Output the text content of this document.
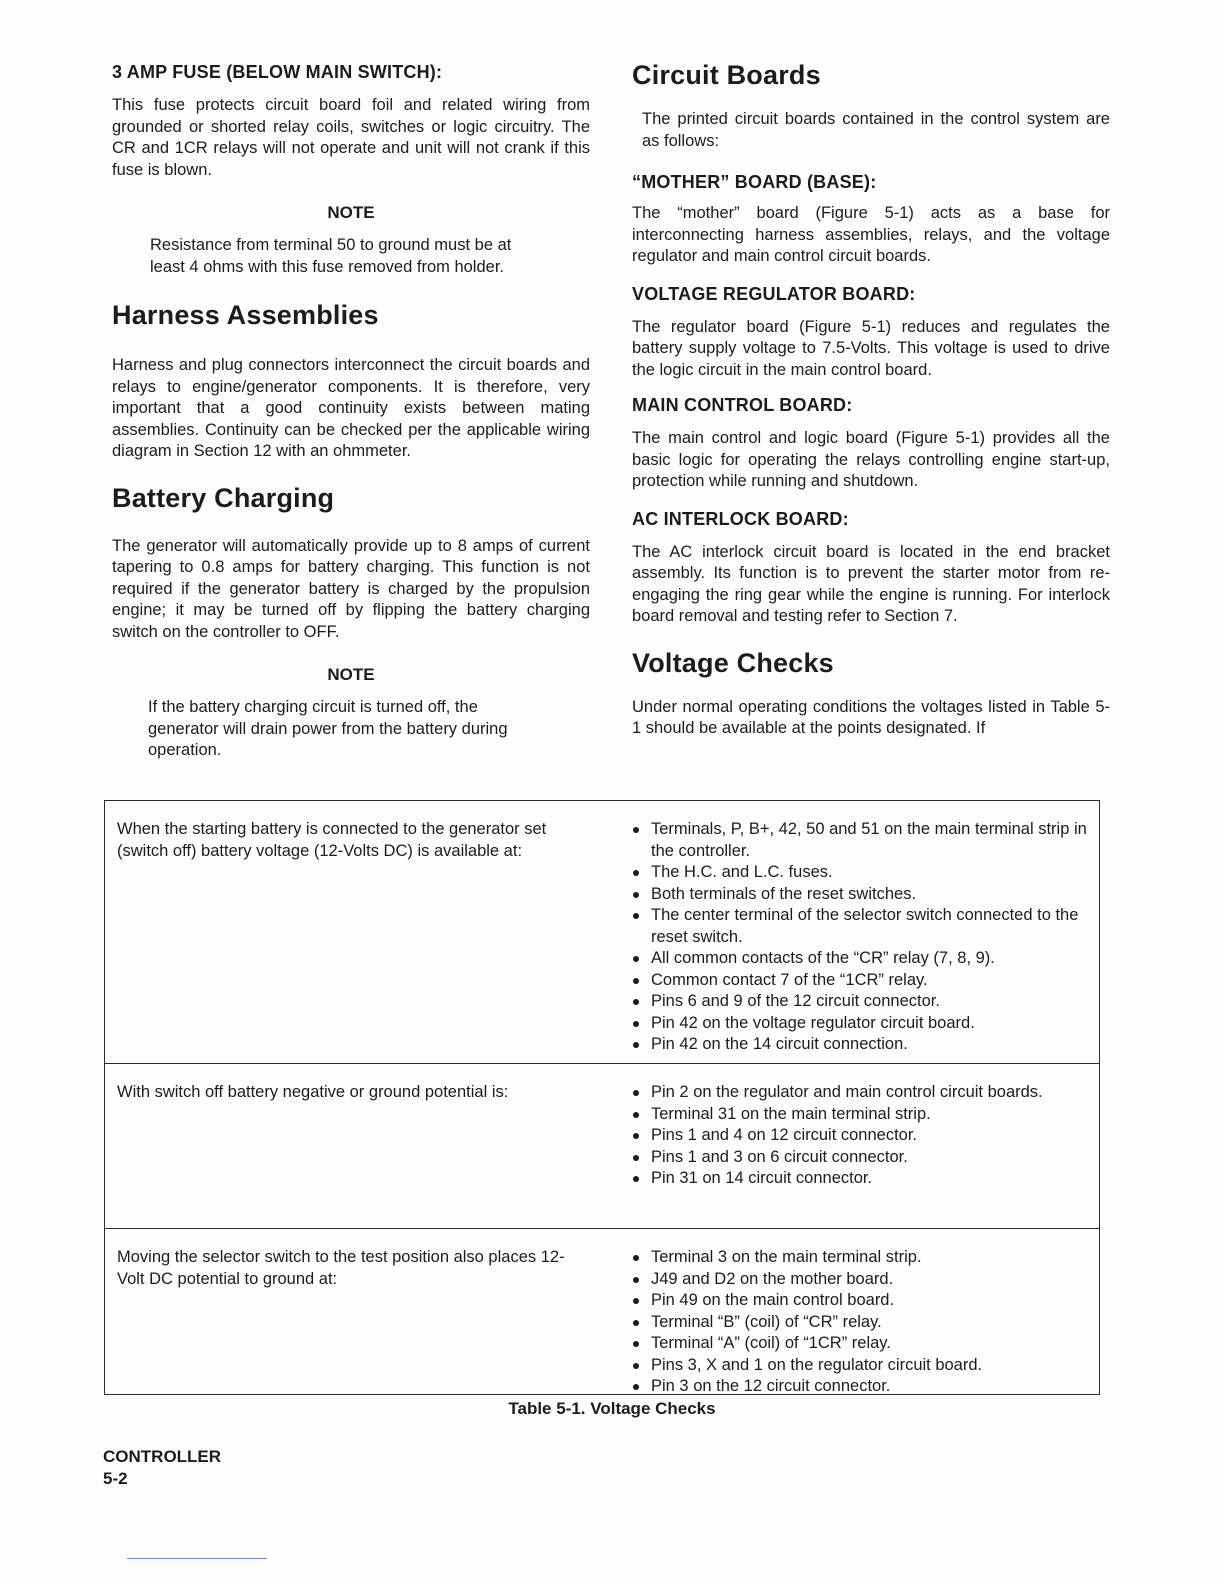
3 AMP FUSE (BELOW MAIN SWITCH):

This fuse protects circuit board foil and related wiring from grounded or shorted relay coils, switches or logic circuitry. The CR and 1CR relays will not operate and unit will not crank if this fuse is blown.

NOTE

Resistance from terminal 50 to ground must be at least 4 ohms with this fuse removed from holder.

Harness Assemblies

Harness and plug connectors interconnect the circuit boards and relays to engine/generator components. It is therefore, very important that a good continuity exists between mating assemblies. Continuity can be checked per the applicable wiring diagram in Section 12 with an ohmmeter.

Battery Charging

The generator will automatically provide up to 8 amps of current tapering to 0.8 amps for battery charging. This function is not required if the generator battery is charged by the propulsion engine; it may be turned off by flipping the battery charging switch on the controller to OFF.

NOTE

If the battery charging circuit is turned off, the generator will drain power from the battery during operation.

Circuit Boards

The printed circuit boards contained in the control system are as follows:

“MOTHER” BOARD (BASE):

The “mother” board (Figure 5-1) acts as a base for interconnecting harness assemblies, relays, and the voltage regulator and main control circuit boards.

VOLTAGE REGULATOR BOARD:

The regulator board (Figure 5-1) reduces and regulates the battery supply voltage to 7.5-Volts. This voltage is used to drive the logic circuit in the main control board.

MAIN CONTROL BOARD:

The main control and logic board (Figure 5-1) provides all the basic logic for operating the relays controlling engine start-up, protection while running and shutdown.

AC INTERLOCK BOARD:

The AC interlock circuit board is located in the end bracket assembly. Its function is to prevent the starter motor from re-engaging the ring gear while the engine is running. For interlock board removal and testing refer to Section 7.

Voltage Checks

Under normal operating conditions the voltages listed in Table 5-1 should be available at the points designated. If

When the starting battery is connected to the generator set (switch off) battery voltage (12-Volts DC) is available at:
Terminals, P, B+, 42, 50 and 51 on the main terminal strip in the controller.
The H.C. and L.C. fuses.
Both terminals of the reset switches.
The center terminal of the selector switch connected to the reset switch.
All common contacts of the “CR” relay (7, 8, 9).
Common contact 7 of the “1CR” relay.
Pins 6 and 9 of the 12 circuit connector.
Pin 42 on the voltage regulator circuit board.
Pin 42 on the 14 circuit connection.
With switch off battery negative or ground potential is:	Pin 2 on the regulator and main control circuit boards.
Terminal 31 on the main terminal strip.
Pins 1 and 4 on 12 circuit connector.
Pins 1 and 3 on 6 circuit connector.
Pin 31 on 14 circuit connector.
Moving the selector switch to the test position also places 12-Volt DC potential to ground at:
Terminal 3 on the main terminal strip.
J49 and D2 on the mother board.
Pin 49 on the main control board.
Terminal “B” (coil) of “CR” relay.
Terminal “A” (coil) of “1CR” relay.
Pins 3, X and 1 on the regulator circuit board.
Pin 3 on the 12 circuit connector.
Table 5-1. Voltage Checks
CONTROLLER
5-2
